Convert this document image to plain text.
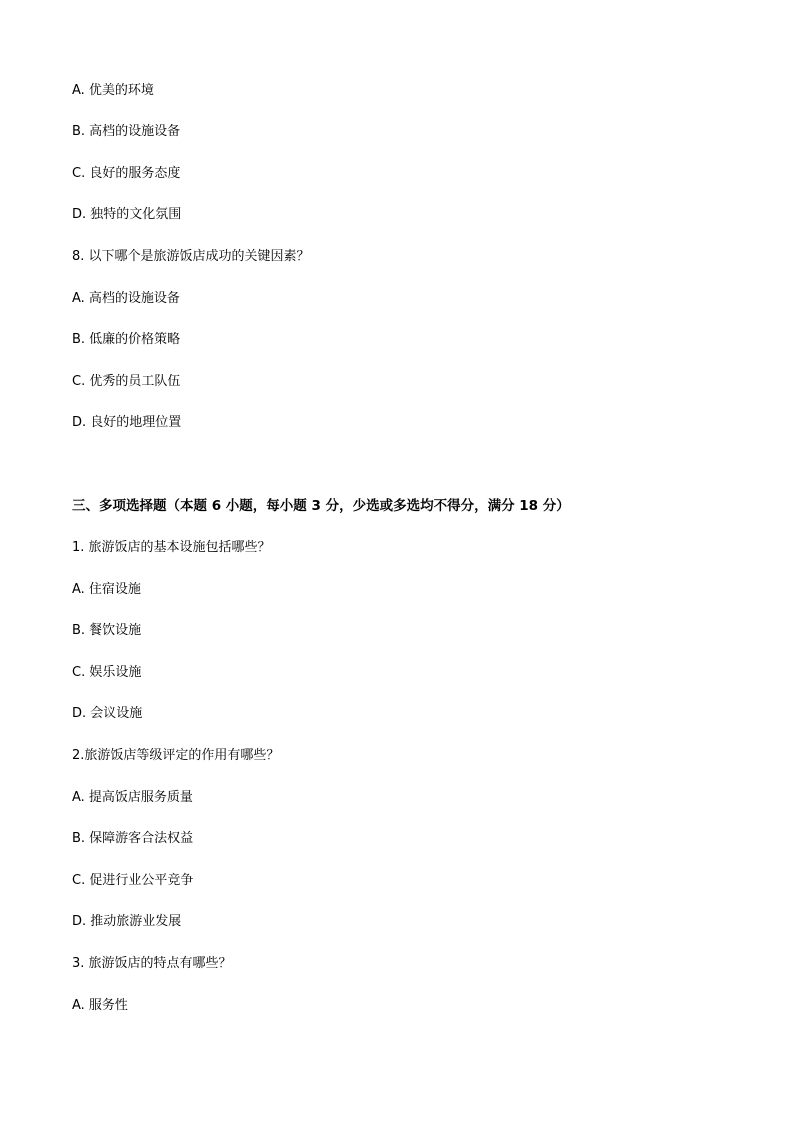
A. 优美的环境
B. 高档的设施设备
C. 良好的服务态度
D. 独特的文化氛围
8. 以下哪个是旅游饭店成功的关键因素？
A. 高档的设施设备
B. 低廉的价格策略
C. 优秀的员工队伍
D. 良好的地理位置
三、多项选择题（本题 6 小题，每小题 3 分，少选或多选均不得分，满分 18 分）
1. 旅游饭店的基本设施包括哪些？
A. 住宿设施
B. 餐饮设施
C. 娱乐设施
D. 会议设施
2.旅游饭店等级评定的作用有哪些？
A. 提高饭店服务质量
B. 保障游客合法权益
C. 促进行业公平竞争
D. 推动旅游业发展
3. 旅游饭店的特点有哪些？
A. 服务性
